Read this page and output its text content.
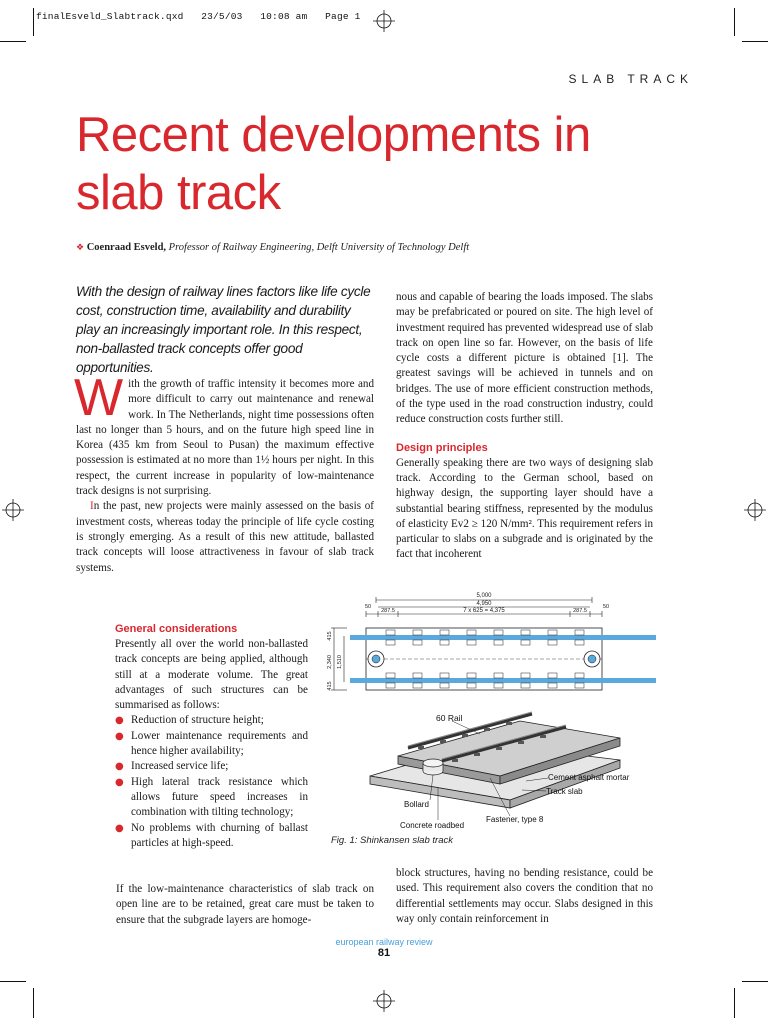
finalEsveld_Slabtrack.qxd   23/5/03   10:08 am   Page 1
SLAB TRACK
Recent developments in
slab track
❖ Coenraad Esveld, Professor of Railway Engineering, Delft University of Technology Delft
With the design of railway lines factors like life cycle cost, construction time, availability and durability play an increasingly important role. In this respect, non-ballasted track concepts offer good opportunities.

With the growth of traffic intensity it becomes more and more difficult to carry out maintenance and renewal work. In The Netherlands, night time possessions often last no longer than 5 hours, and on the future high speed line in Korea (435 km from Seoul to Pusan) the maximum effective possession is estimated at no more than 1½ hours per night. In this respect, the current increase in popularity of low-maintenance track designs is not surprising.

In the past, new projects were mainly assessed on the basis of investment costs, whereas today the principle of life cycle costing is strongly emerging. As a result of this new attitude, ballasted track concepts will loose attractiveness in favour of slab track systems.

General considerations

Presently all over the world non-ballasted track concepts are being applied, although still at a moderate volume. The great advantages of such structures can be summarised as follows:

● Reduction of structure height;
● Lower maintenance requirements and hence higher availability;
● Increased service life;
● High lateral track resistance which allows future speed increases in combination with tilting technology;
● No problems with churning of ballast particles at high-speed.

If the low-maintenance characteristics of slab track on open line are to be retained, great care must be taken to ensure that the subgrade layers are homoge-

nous and capable of bearing the loads imposed. The slabs may be prefabricated or poured on site. The high level of investment required has prevented widespread use of slab track on open line so far. However, on the basis of life cycle costs a different picture is obtained [1]. The greatest savings will be achieved in tunnels and on bridges. The use of more efficient construction methods, of the type used in the road construction industry, could reduce construction costs further still.

Design principles

Generally speaking there are two ways of designing slab track. According to the German school, based on highway design, the supporting layer should have a substantial bearing stiffness, represented by the modulus of elasticity Ev2 ≥ 120 N/mm². This requirement refers in particular to slabs on a subgrade and is originated by the fact that incoherent

block structures, having no bending resistance, could be used. This requirement also covers the condition that no differential settlements may occur. Slabs designed in this way only contain reinforcement in

5,000
4,950
7 x 625 = 4,375
287.5	287.5
50	50
415
2,340 1,510
415
60 Rail
Cement asphalt mortar
Track slab
Bollard
Concrete roadbed
Fastener, type 8
Fig. 1: Shinkansen slab track
european railway review
81
